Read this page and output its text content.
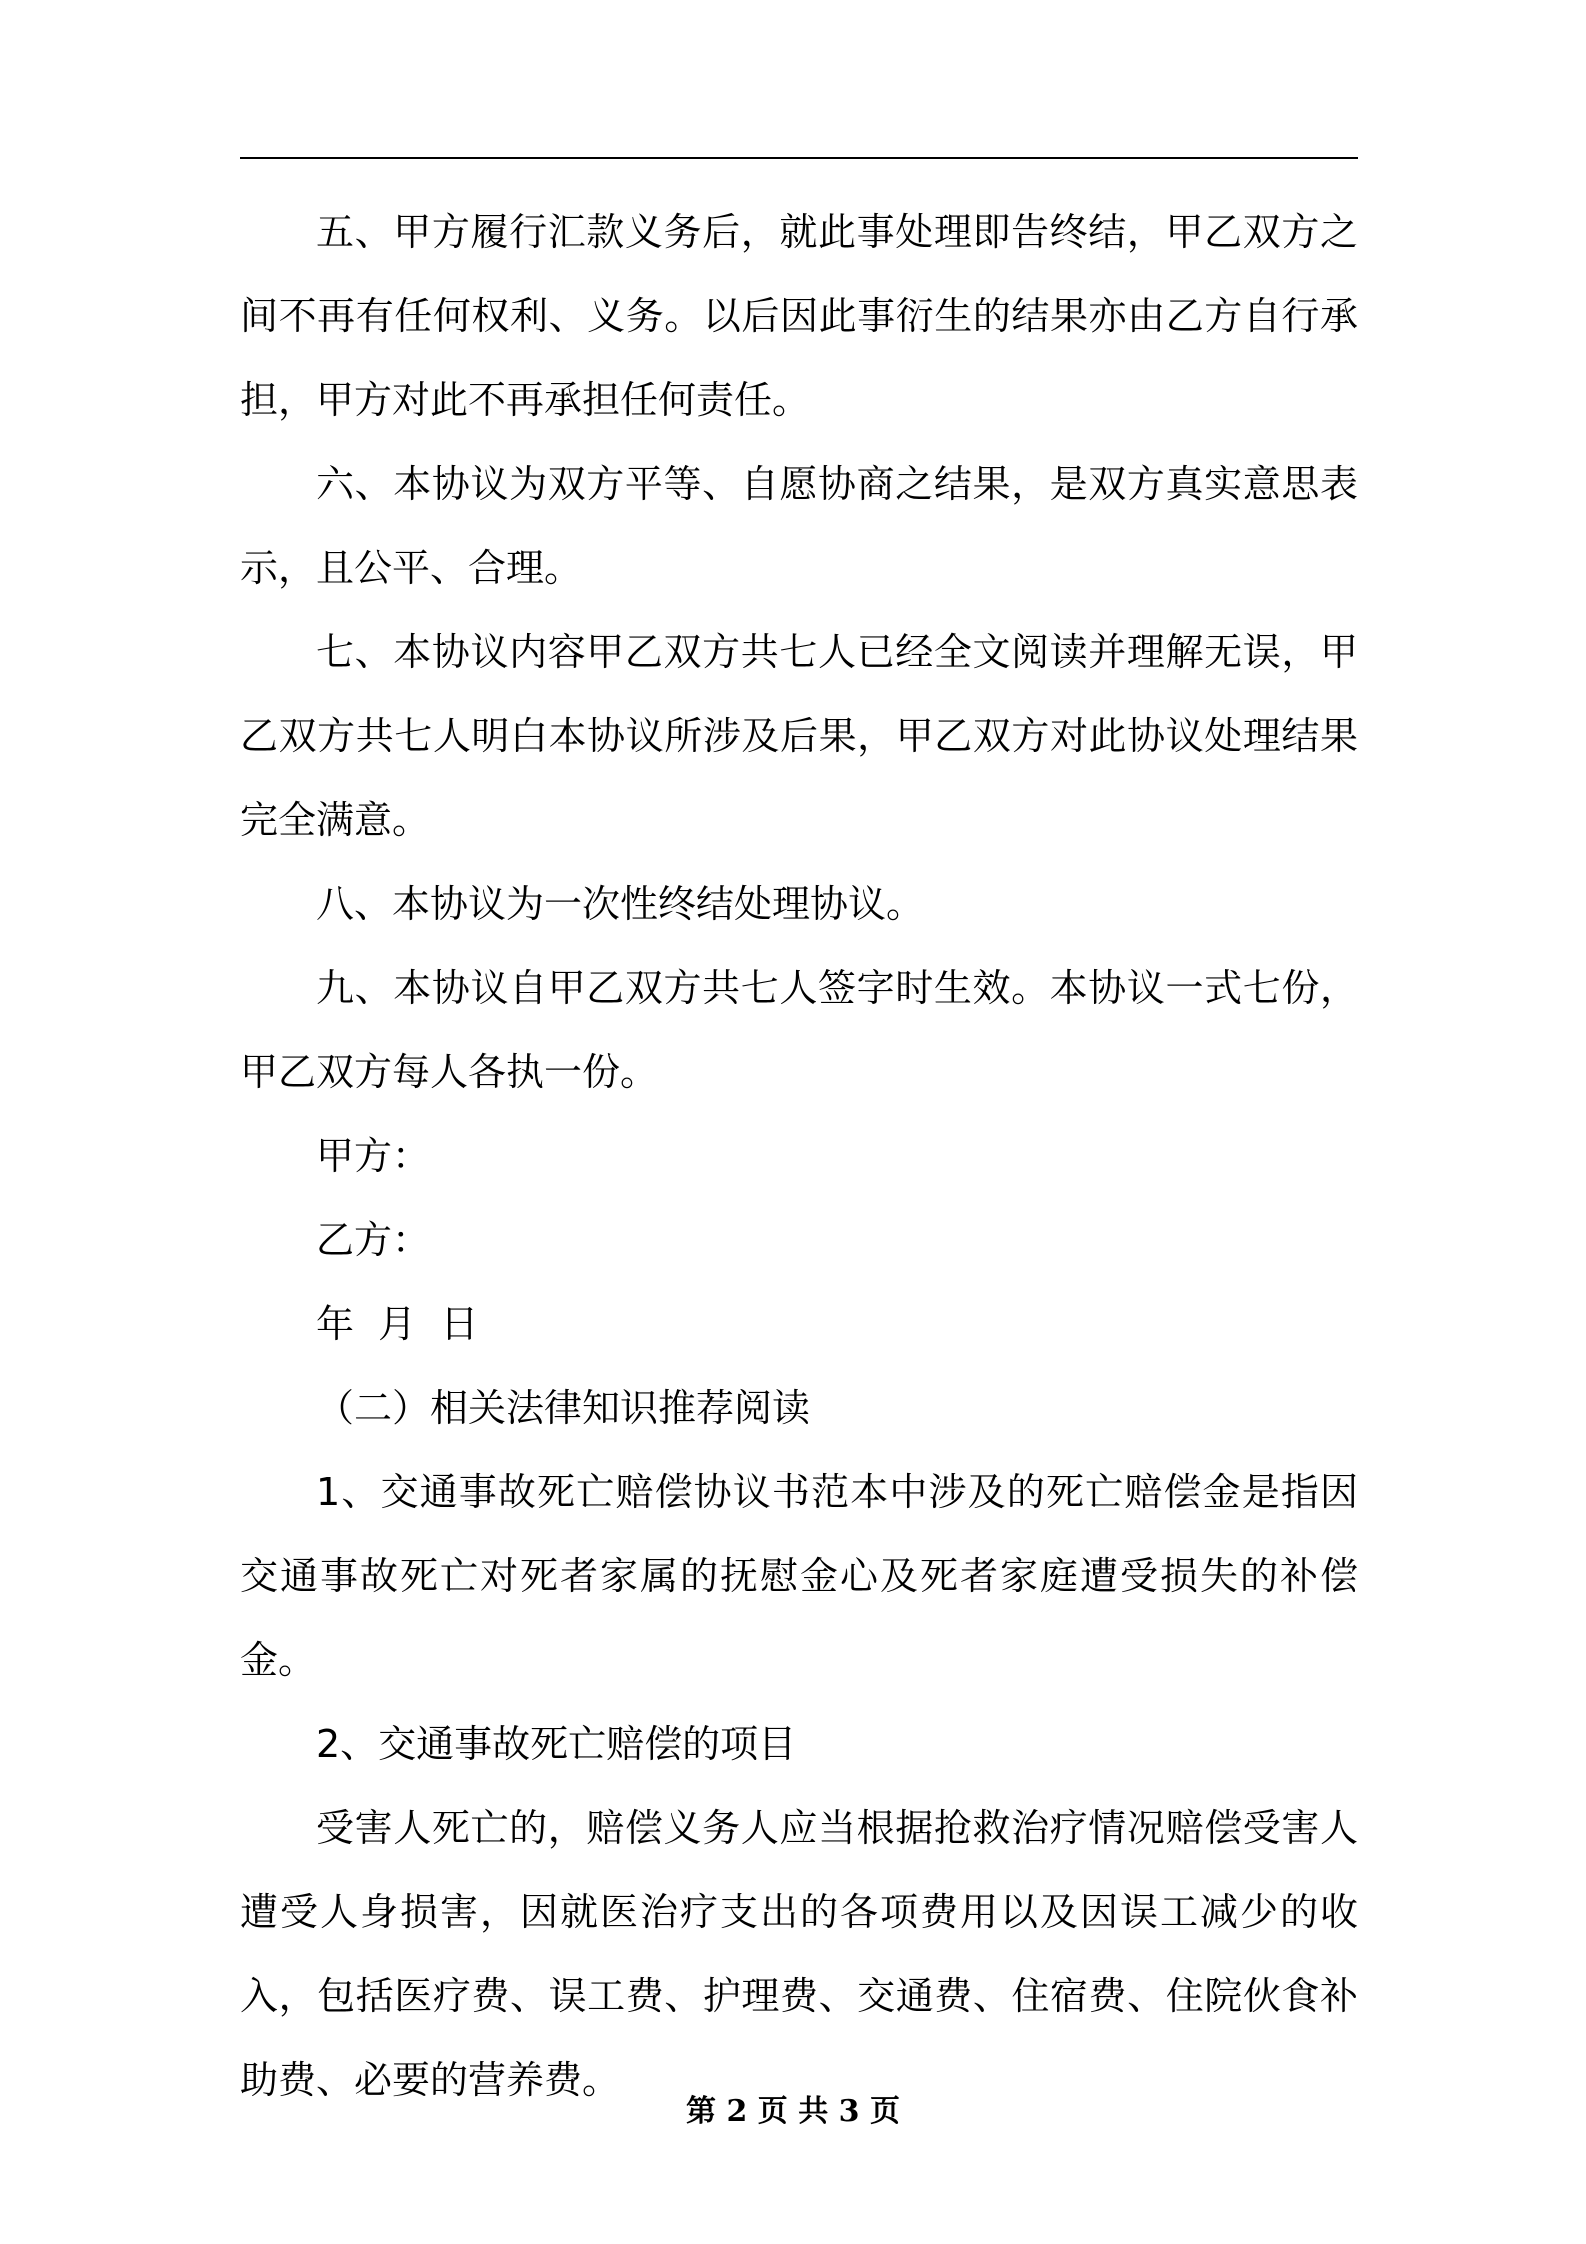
五、甲方履行汇款义务后，就此事处理即告终结，甲乙双方之间不再有任何权利、义务。以后因此事衍生的结果亦由乙方自行承担，甲方对此不再承担任何责任。

六、本协议为双方平等、自愿协商之结果，是双方真实意思表示，且公平、合理。

七、本协议内容甲乙双方共七人已经全文阅读并理解无误，甲乙双方共七人明白本协议所涉及后果，甲乙双方对此协议处理结果完全满意。

八、本协议为一次性终结处理协议。

九、本协议自甲乙双方共七人签字时生效。本协议一式七份，甲乙双方每人各执一份。

甲方：

乙方：

年  月  日

（二）相关法律知识推荐阅读

1、交通事故死亡赔偿协议书范本中涉及的死亡赔偿金是指因交通事故死亡对死者家属的抚慰金心及死者家庭遭受损失的补偿金。

2、交通事故死亡赔偿的项目

受害人死亡的，赔偿义务人应当根据抢救治疗情况赔偿受害人遭受人身损害，因就医治疗支出的各项费用以及因误工减少的收入，包括医疗费、误工费、护理费、交通费、住宿费、住院伙食补助费、必要的营养费。

第 2 页 共 3 页
